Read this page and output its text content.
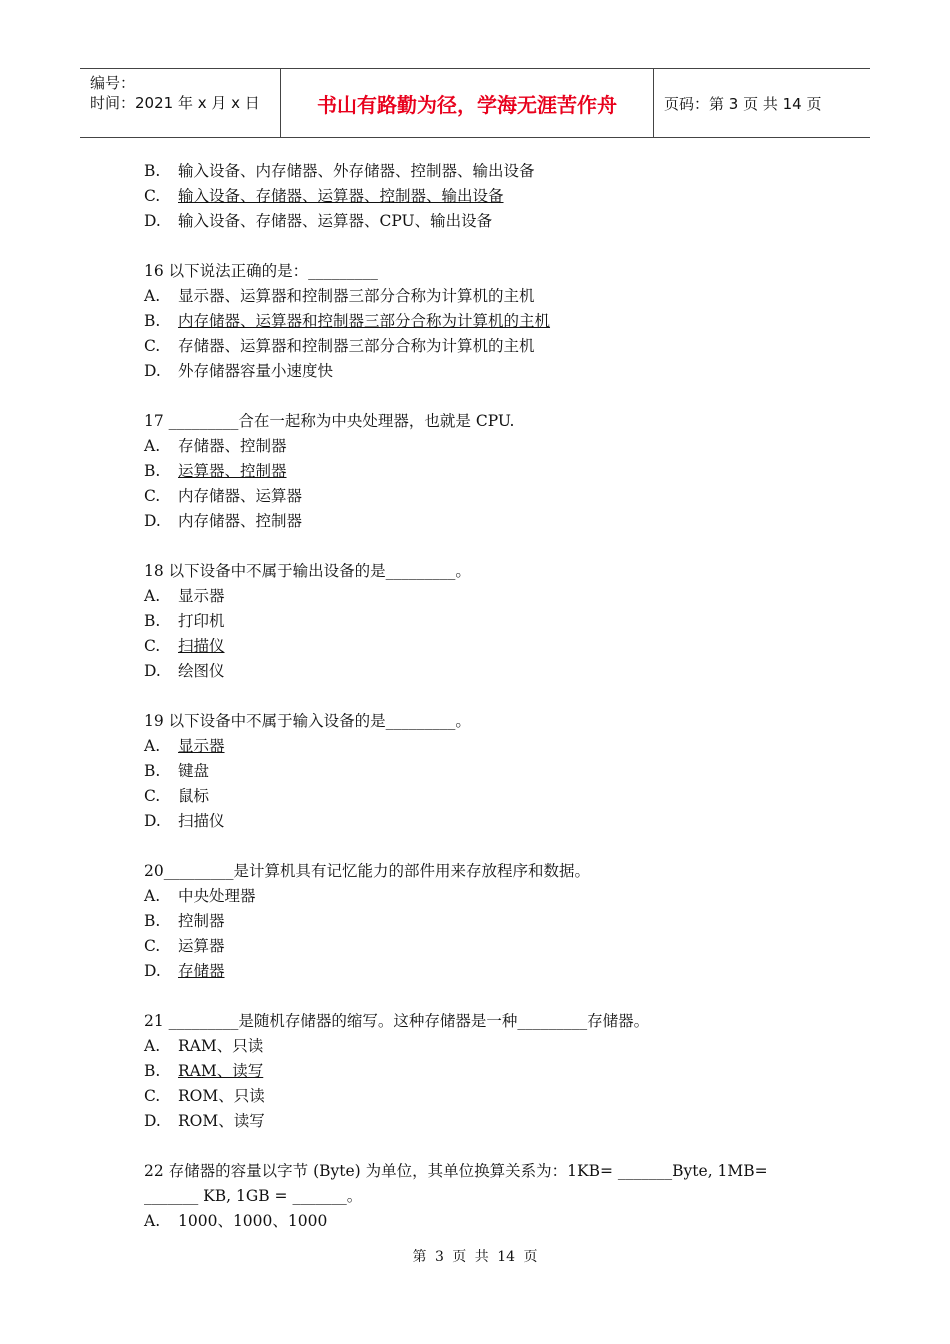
编号：
时间：2021 年 x 月 x 日	书山有路勤为径，学海无涯苦作舟	页码：第 3 页 共 14 页
B.	输入设备、内存储器、外存储器、控制器、输出设备
C.	输入设备、存储器、运算器、控制器、输出设备
D.	输入设备、存储器、运算器、CPU、输出设备
16 以下说法正确的是：_________
A.	显示器、运算器和控制器三部分合称为计算机的主机
B.	内存储器、运算器和控制器三部分合称为计算机的主机
C.	存储器、运算器和控制器三部分合称为计算机的主机
D.	外存储器容量小速度快
17 _________合在一起称为中央处理器，也就是 CPU.
A.	存储器、控制器
B.	运算器、控制器
C.	内存储器、运算器
D.	内存储器、控制器
18 以下设备中不属于输出设备的是_________。
A.	显示器
B.	打印机
C.	扫描仪
D.	绘图仪
19 以下设备中不属于输入设备的是_________。
A.	显示器
B.	键盘
C.	鼠标
D.	扫描仪
20_________是计算机具有记忆能力的部件用来存放程序和数据。
A.	中央处理器
B.	控制器
C.	运算器
D.	存储器
21 _________是随机存储器的缩写。这种存储器是一种_________存储器。
A.	RAM、只读
B.	RAM、读写
C.	ROM、只读
D.	ROM、读写
22 存储器的容量以字节 (Byte) 为单位，其单位换算关系为：1KB= _______Byte, 1MB=
_______ KB, 1GB = _______。
A.	1000、1000、1000
第 3 页 共 14 页
